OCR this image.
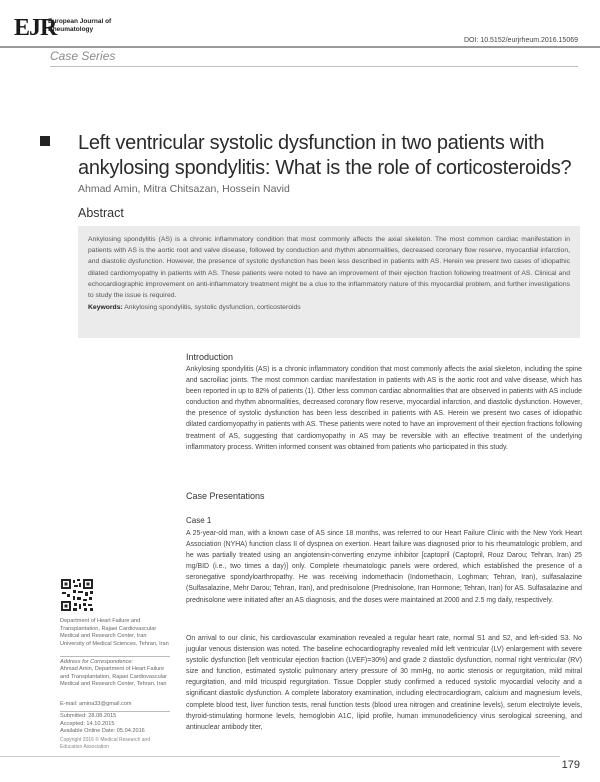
EJR
European Journal of
Rheumatology
DOI: 10.5152/eurjrheum.2016.15069
Case Series
Left ventricular systolic dysfunction in two patients with ankylosing spondylitis: What is the role of corticosteroids?
Ahmad Amin, Mitra Chitsazan, Hossein Navid
Abstract
Ankylosing spondylitis (AS) is a chronic inflammatory condition that most commonly affects the axial skeleton. The most common cardiac manifestation in patients with AS is the aortic root and valve disease, followed by conduction and rhythm abnormalities, decreased coronary flow reserve, myocardial infarction, and diastolic dysfunction. However, the presence of systolic dysfunction has been less described in patients with AS. Herein we present two cases of idiopathic dilated cardiomyopathy in patients with AS. These patients were noted to have an improvement of their ejection fraction following treatment of AS. Clinical and echocardiographic improvement on anti-inflammatory treatment might be a clue to the inflammatory nature of this myocardial problem, and further investigations to study the issue is required.
Keywords: Ankylosing spondylitis, systolic dysfunction, corticosteroids
Introduction
Ankylosing spondylitis (AS) is a chronic inflammatory condition that most commonly affects the axial skeleton, including the spine and sacroiliac joints. The most common cardiac manifestation in patients with AS is the aortic root and valve disease, which has been reported in up to 82% of patients (1). Other less common cardiac abnormalities that are observed in patients with AS include conduction and rhythm abnormalities, decreased coronary flow reserve, myocardial infarction, and diastolic dysfunction. However, the presence of systolic dysfunction has been less described in patients with AS. Herein we present two cases of idiopathic dilated cardiomyopathy in patients with AS. These patients were noted to have an improvement of their ejection fractions following treatment of AS, suggesting that cardiomyopathy in AS may be reversible with an effective treatment of the underlying inflammatory process. Written informed consent was obtained from patients who participated in this study.
Case Presentations
Case 1
A 25-year-old man, with a known case of AS since 18 months, was referred to our Heart Failure Clinic with the New York Heart Association (NYHA) function class II of dyspnea on exertion. Heart failure was diagnosed prior to his rheumatologic problem, and he was partially treated using an angiotensin-converting enzyme inhibitor [captopril (Captopril, Rouz Darou; Tehran, Iran) 25 mg/BID (i.e., two times a day)] only. Complete rheumatologic panels were ordered, which established the presence of a seronegative spondyloarthropathy. He was receiving indomethacin (Indomethacin, Loghman; Tehran, Iran), sulfasalazine (Sulfasalazine, Mehr Darou; Tehran, Iran), and prednisolone (Prednisolone, Iran Hormone; Tehran, Iran) for AS. Sulfasalazine and prednisolone were initiated after an AS diagnosis, and the doses were maintained at 2000 and 2.5 mg daily, respectively.
On arrival to our clinic, his cardiovascular examination revealed a regular heart rate, normal S1 and S2, and left-sided S3. No jugular venous distension was noted. The baseline echocardiography revealed mild left ventricular (LV) enlargement with severe systolic dysfunction [left ventricular ejection fraction (LVEF)=30%] and grade 2 diastolic dysfunction, normal right ventricular (RV) size and function, estimated systolic pulmonary artery pressure of 30 mmHg, no aortic stenosis or regurgitation, mild mitral regurgitation, and mild tricuspid regurgitation. Tissue Doppler study confirmed a reduced systolic myocardial velocity and a significant diastolic dysfunction. A complete laboratory examination, including electrocardiogram, calcium and magnesium levels, complete blood test, liver function tests, renal function tests (blood urea nitrogen and creatinine levels), serum electrolyte levels, thyroid-stimulating hormone levels, hemoglobin A1C, lipid profile, human immunodeficiency virus serological screening, and antinuclear antibody titer,
Department of Heart Failure and Transplantation, Rajaei Cardiovascular Medical and Research Center, Iran University of Medical Sciences, Tehran, Iran
Address for Correspondence:
Ahmad Amin, Department of Heart Failure and Transplantation, Rajaei Cardiovascular Medical and Research Center, Tehran, Iran
E-mail: amina33@gmail.com
Submitted: 28.08.2015
Accepted: 14.10.2015
Available Online Date: 05.04.2016
Copyright 2016 © Medical Research and Education Association
179
